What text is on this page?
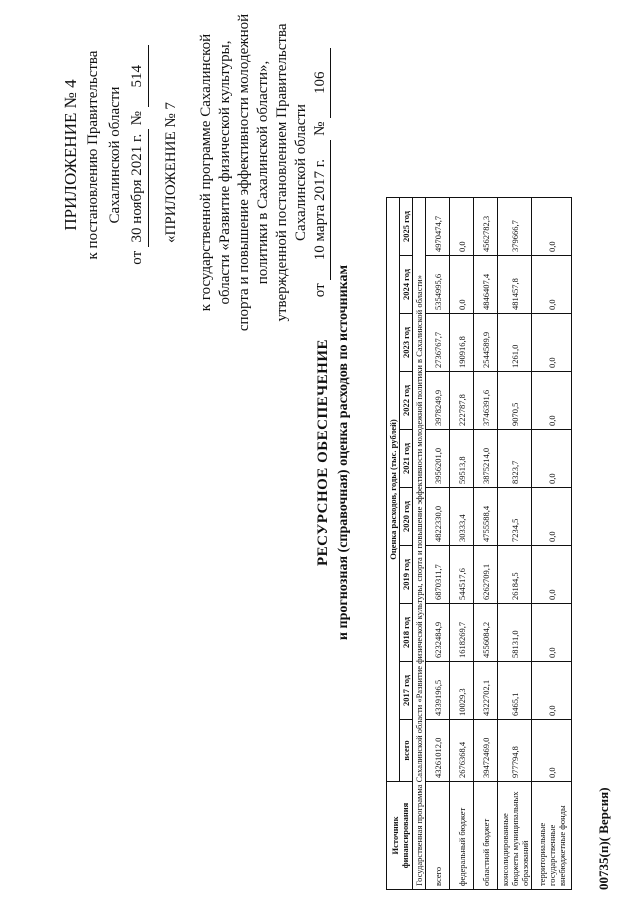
ПРИЛОЖЕНИЕ № 4 к постановлению Правительства Сахалинской области
от 30 ноября 2021 г. № 514
«ПРИЛОЖЕНИЕ № 7 к государственной программе Сахалинской области «Развитие физической культуры, спорта и повышение эффективности молодежной политики в Сахалинской области», утвержденной постановлением Правительства Сахалинской области
от 10 марта 2017 г. № 106
РЕСУРСНОЕ ОБЕСПЕЧЕНИЕ и прогнозная (справочная) оценка расходов по источникам
Источник финансирования	Оценка расходов, годы (тыс. рублей)									
	всего	2017 год	2018 год	2019 год	2020 год	2021 год	2022 год	2023 год	2024 год	2025 год
Государственная программа Сахалинской области «Развитие физической культуры, спорта и повышение эффективности молодежной политики в Сахалинской области»										
всего	43261012,0	4339196,5	6232484,9	6870311,7	4822330,0	3956201,0	3978249,9	2736767,7	5354995,6	4970474,7
федеральный бюджет	2676368,4	10029,3	1618269,7	544517,6	30333,4	59513,8	222787,8	190916,8	0,0	0,0
областной бюджет	39472469,0	4322702,1	4556084,2	6262709,1	4755588,4	3875214,0	3746391,6	2544589,9	4846407,4	4562782,3
консолидированные бюджеты муниципальных образований	977794,8	6465,1	58131,0	26184,5	7234,5	8323,7	9070,5	1261,0	481457,8	379666,7
территориальные государственные внебюджетные фонды	0,0	0,0	0,0	0,0	0,0	0,0	0,0	0,0	0,0	0,0
00735(п)( Версия)
